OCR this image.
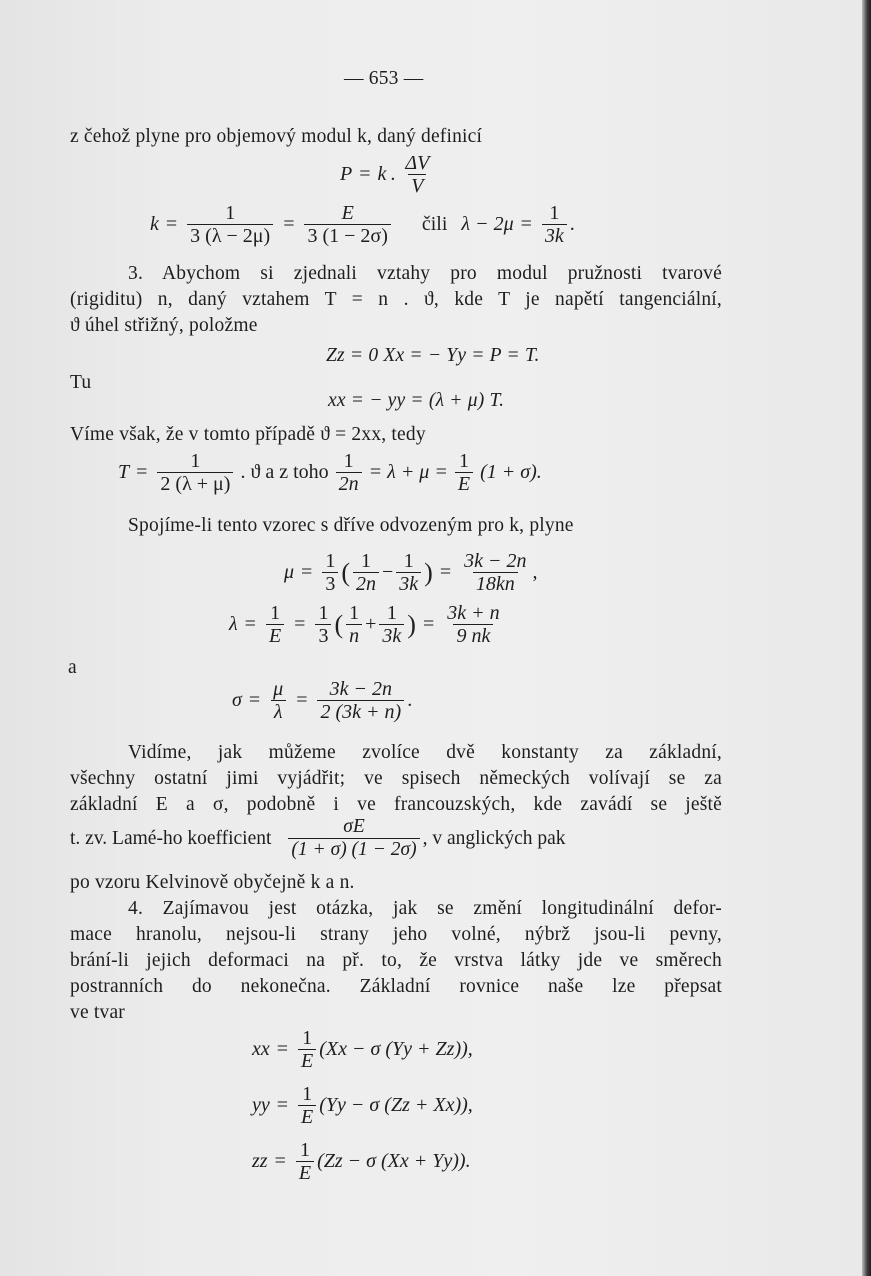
— 653 —
z čehož plyne pro objemový modul k, daný definicí
P = k . $\frac{\Delta V}{V}$
$k = \frac{1}{3 (\lambda - 2\mu)} = \frac{E}{3 (1 - 2\sigma)}$ čili $\lambda - 2\mu = \frac{1}{3k}$ .
3. Abychom si zjednali vztahy pro modul pružnosti tvarové
(rigiditu) n, daný vztahem T = n . ϑ, kde T je napětí tangenciální,
ϑ úhel střižný, položme
Zz = 0 Xx = − Yy = P = T.
Tu
xx = − yy = (λ + μ) T.
Víme však, že v tomto případě ϑ = 2xx, tedy
$T = \frac{1}{2 (\lambda + \mu)}$ . ϑ a z toho $\frac{1}{2n} = \lambda + \mu = \frac{1}{E} (1 + \sigma)$.
Spojíme-li tento vzorec s dříve odvozeným pro k, plyne
$\mu = \frac{1}{3}$ ( $\frac{1}{2n} - \frac{1}{3k}$ ) = $\frac{3k - 2n}{18kn}$ ,
$\lambda = \frac{1}{E} = \frac{1}{3}$ ( $\frac{1}{n} + \frac{1}{3k}$ ) = $\frac{3k + n}{9 nk}$
a
$\sigma = \frac{\mu}{\lambda} = \frac{3k - 2n}{2 (3k + n)}$ .
Vidíme, jak můžeme zvolíce dvě konstanty za základní,
všechny ostatní jimi vyjádřit; ve spisech německých volívají se za
základní E a σ, podobně i ve francouzských, kde zavádí se ještě
t. zv. Lamé-ho koefficient $\frac{\sigma E}{(1 + \sigma) (1 - 2\sigma)}$ , v anglických pak
po vzoru Kelvinově obyčejně k a n.
4. Zajímavou jest otázka, jak se změní longitudinální defor-
mace hranolu, nejsou-li strany jeho volné, nýbrž jsou-li pevny,
brání-li jejich deformaci na př. to, že vrstva látky jde ve směrech
postranních do nekonečna. Základní rovnice naše lze přepsat
ve tvar
xx = $\frac{1}{E} (Xx - \sigma$ (Yy + Zz)),
yy = $\frac{1}{E} (Yy - \sigma$ (Zz + Xx)),
zz = $\frac{1}{E} (Zz - \sigma$ (Xx + Yy)).
